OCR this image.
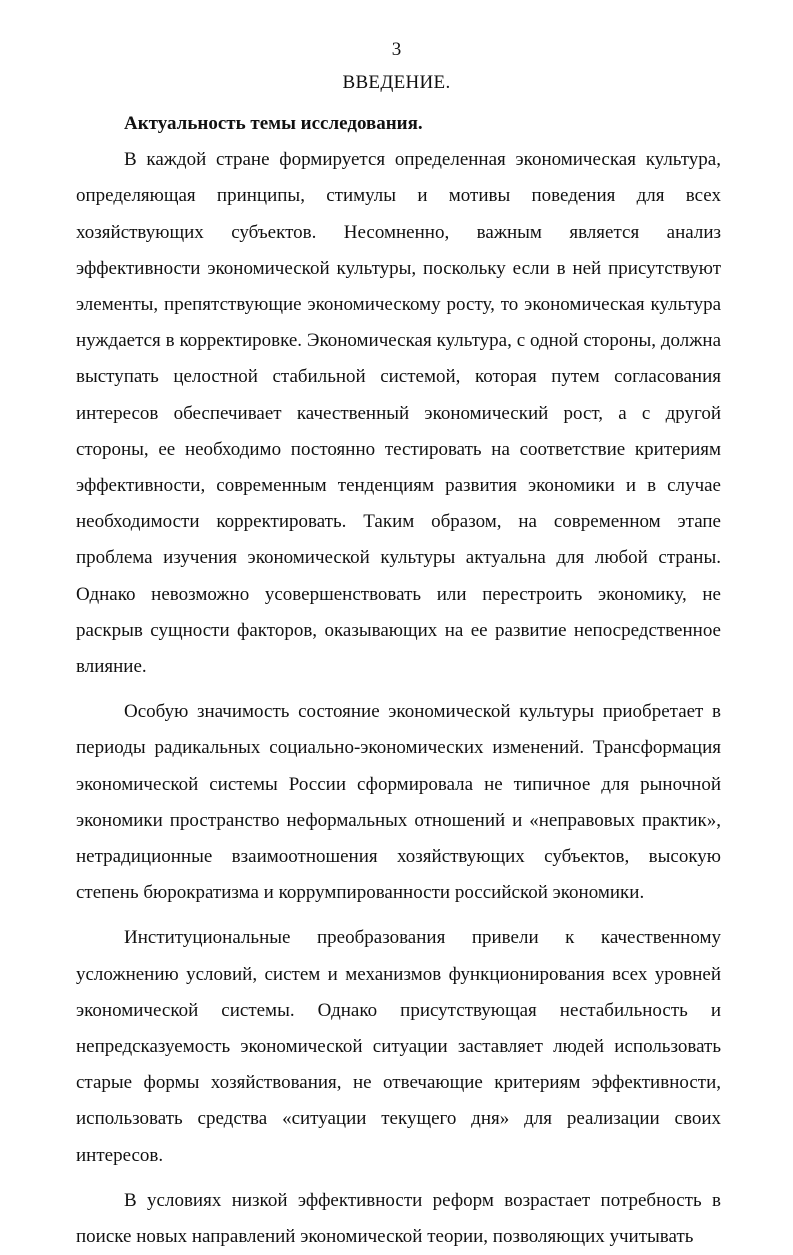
3
ВВЕДЕНИЕ.

Актуальность темы исследования.

В каждой стране формируется определенная экономическая культура, определяющая принципы, стимулы и мотивы поведения для всех хозяйствующих субъектов. Несомненно, важным является анализ эффективности экономической культуры, поскольку если в ней присутствуют элементы, препятствующие экономическому росту, то экономическая культура нуждается в корректировке. Экономическая культура, с одной стороны, должна выступать целостной стабильной системой, которая путем согласования интересов обеспечивает качественный экономический рост, а с другой стороны, ее необходимо постоянно тестировать на соответствие критериям эффективности, современным тенденциям развития экономики и в случае необходимости корректировать. Таким образом, на современном этапе проблема изучения экономической культуры актуальна для любой страны. Однако невозможно усовершенствовать или перестроить экономику, не раскрыв сущности факторов, оказывающих на ее развитие непосредственное влияние.

Особую значимость состояние экономической культуры приобретает в периоды радикальных социально-экономических изменений. Трансформация экономической системы России сформировала не типичное для рыночной экономики пространство неформальных отношений и «неправовых практик», нетрадиционные взаимоотношения хозяйствующих субъектов, высокую степень бюрократизма и коррумпированности российской экономики.

Институциональные преобразования привели к качественному усложнению условий, систем и механизмов функционирования всех уровней экономической системы. Однако присутствующая нестабильность и непредсказуемость экономической ситуации заставляет людей использовать старые формы хозяйствования, не отвечающие критериям эффективности, использовать средства «ситуации текущего дня» для реализации своих интересов.

В условиях низкой эффективности реформ возрастает потребность в поиске новых направлений экономической теории, позволяющих учитывать
